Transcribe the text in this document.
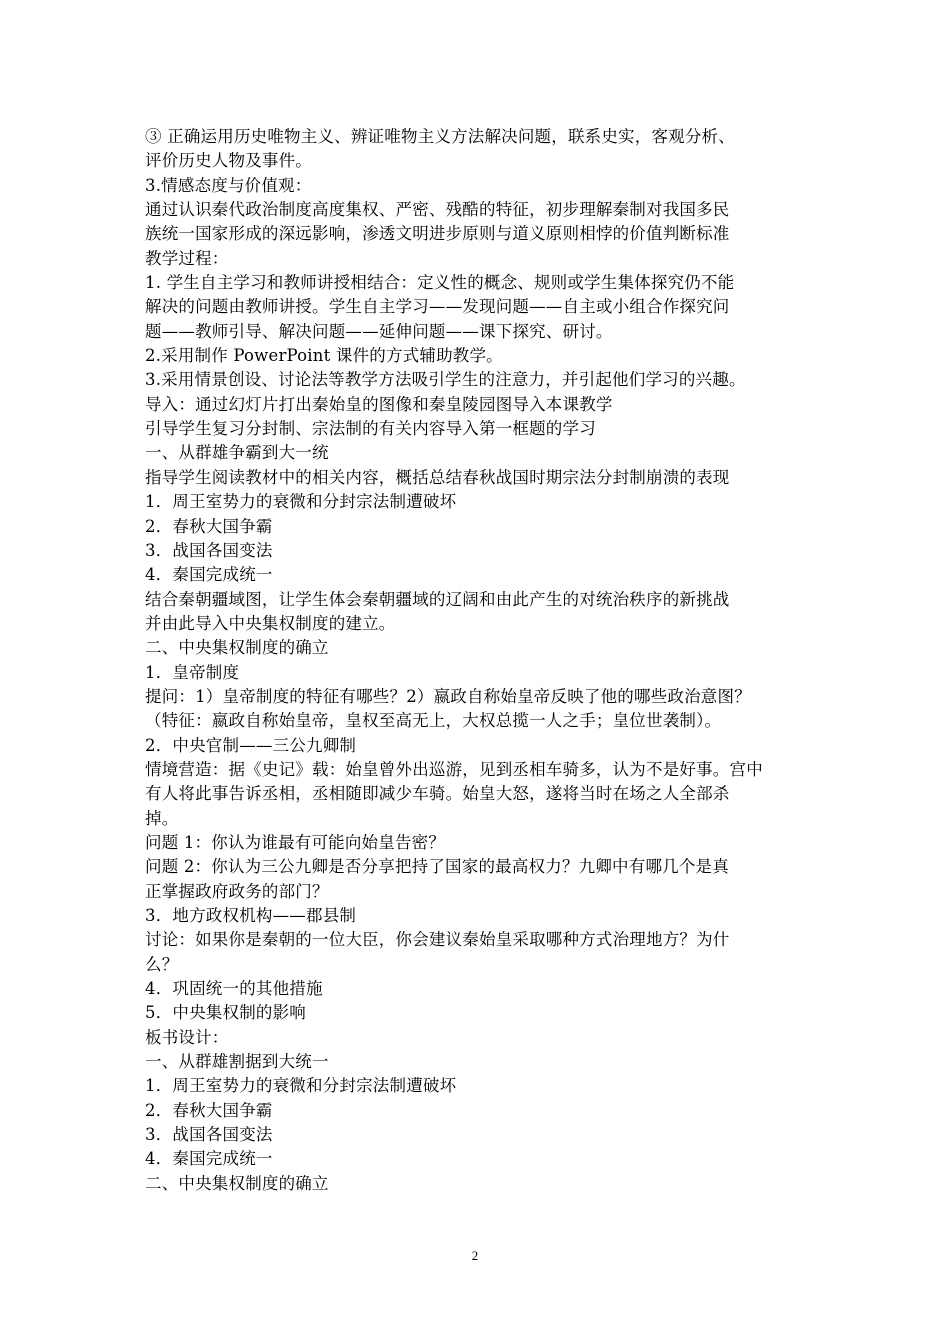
③ 正确运用历史唯物主义、辨证唯物主义方法解决问题，联系史实，客观分析、
评价历史人物及事件。
3.情感态度与价值观：
通过认识秦代政治制度高度集权、严密、残酷的特征，初步理解秦制对我国多民
族统一国家形成的深远影响，渗透文明进步原则与道义原则相悖的价值判断标准
教学过程：
1. 学生自主学习和教师讲授相结合：定义性的概念、规则或学生集体探究仍不能
解决的问题由教师讲授。学生自主学习——发现问题——自主或小组合作探究问
题——教师引导、解决问题——延伸问题——课下探究、研讨。
2.采用制作 PowerPoint 课件的方式辅助教学。
3.采用情景创设、讨论法等教学方法吸引学生的注意力，并引起他们学习的兴趣。
导入：通过幻灯片打出秦始皇的图像和秦皇陵园图导入本课教学
引导学生复习分封制、宗法制的有关内容导入第一框题的学习
一、从群雄争霸到大一统
指导学生阅读教材中的相关内容，概括总结春秋战国时期宗法分封制崩溃的表现
1．周王室势力的衰微和分封宗法制遭破坏
2．春秋大国争霸
3．战国各国变法
4．秦国完成统一
结合秦朝疆域图，让学生体会秦朝疆域的辽阔和由此产生的对统治秩序的新挑战
并由此导入中央集权制度的建立。
二、中央集权制度的确立
1．皇帝制度
提问：1）皇帝制度的特征有哪些？2）嬴政自称始皇帝反映了他的哪些政治意图？
（特征：嬴政自称始皇帝，皇权至高无上，大权总揽一人之手；皇位世袭制）。
2．中央官制——三公九卿制
情境营造：据《史记》载：始皇曾外出巡游，见到丞相车骑多，认为不是好事。宫中
有人将此事告诉丞相，丞相随即减少车骑。始皇大怒，遂将当时在场之人全部杀
掉。
问题 1：你认为谁最有可能向始皇告密？
问题 2：你认为三公九卿是否分享把持了国家的最高权力？九卿中有哪几个是真
正掌握政府政务的部门？
3．地方政权机构——郡县制
讨论：如果你是秦朝的一位大臣，你会建议秦始皇采取哪种方式治理地方？为什
么？
4．巩固统一的其他措施
5．中央集权制的影响
板书设计：
一、从群雄割据到大统一
1．周王室势力的衰微和分封宗法制遭破坏
2．春秋大国争霸
3．战国各国变法
4．秦国完成统一
二、中央集权制度的确立
2
